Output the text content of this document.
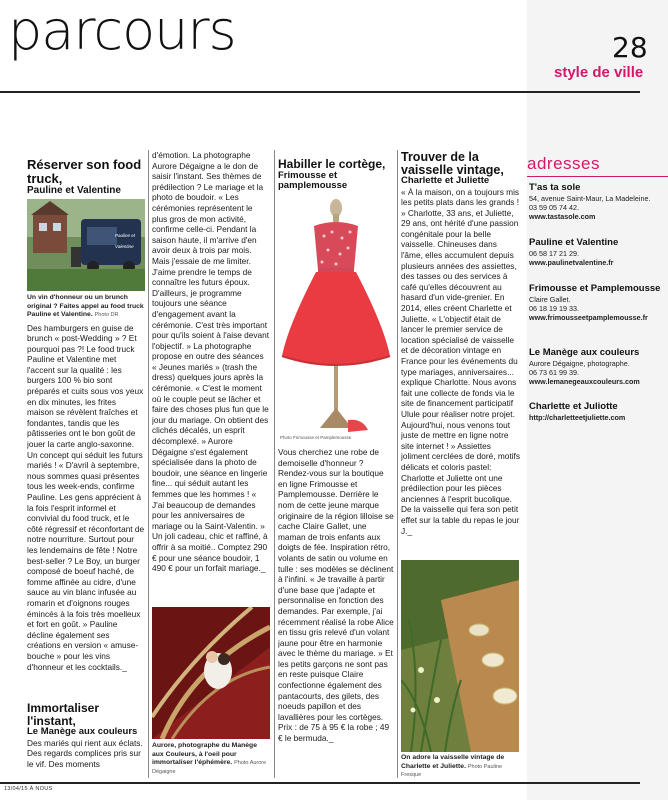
parcours	28
style de ville
Réserver son food truck,
Pauline et Valentine
Pauline et Valentine
Un vin d'honneur ou un brunch original ? Faites appel au food truck Pauline et Valentine. Photo DR

Des hamburgers en guise de brunch « post-Wedding » ? Et pourquoi pas ?! Le food truck Pauline et Valentine met l'accent sur la qualité : les burgers 100 % bio sont préparés et cuits sous vos yeux en dix minutes, les frites maison se révèlent fraîches et fondantes, tandis que les pâtisseries ont le bon goût de jouer la carte anglo-saxonne. Un concept qui séduit les futurs mariés ! « D'avril à septembre, nous sommes quasi présentes tous les week-ends, confirme Pauline. Les gens apprécient à la fois l'esprit informel et convivial du food truck, et le côté régressif et réconfortant de notre nourriture. Surtout pour les lendemains de fête ! Notre best-seller ? Le Boy, un burger composé de boeuf haché, de fomme affinée au cidre, d'une sauce au vin blanc infusée au romarin et d'oignons rouges émincés à la fois très moelleux et fort en goût. » Pauline décline également ses créations en version « amuse-bouche » pour les vins d'honneur et les cocktails._

Immortaliser l'instant,
Le Manège aux couleurs

Des mariés qui rient aux éclats. Des regards complices pris sur le vif. Des moments

d'émotion. La photographe Aurore Dégaigne a le don de saisir l'instant. Ses thèmes de prédilection ? Le mariage et la photo de boudoir. « Les cérémonies représentent le plus gros de mon activité, confirme celle-ci. Pendant la saison haute, il m'arrive d'en avoir deux à trois par mois. Mais j'essaie de me limiter. J'aime prendre le temps de connaître les futurs époux. D'ailleurs, je programme toujours une séance d'engagement avant la cérémonie. C'est très important pour qu'ils soient à l'aise devant l'objectif. » La photographe propose en outre des séances « Jeunes mariés » (trash the dress) quelques jours après la cérémonie. « C'est le moment où le couple peut se lâcher et faire des choses plus fun que le jour du mariage. On obtient des clichés décalés, un esprit décomplexé. » Aurore Dégaigne s'est également spécialisée dans la photo de boudoir, une séance en lingerie fine... qui séduit autant les femmes que les hommes ! « J'ai beaucoup de demandes pour les anniversaires de mariage ou la Saint-Valentin. » Un joli cadeau, chic et raffiné, à offrir à sa moitié.. Comptez 290 € pour une séance boudoir, 1 490 € pour un forfait mariage._

Aurore, photographe du Manège aux Couleurs, à l'oeil pour immortaliser l'éphémère. Photo Aurore Dégaigne
Habiller le cortège,
Frimousse et pamplemousse
Photo Frimousse et Pamplemousse

Vous cherchez une robe de demoiselle d'honneur ? Rendez-vous sur la boutique en ligne Frimousse et Pamplemousse. Derrière le nom de cette jeune marque originaire de la région lilloise se cache Claire Gallet, une maman de trois enfants aux doigts de fée. Inspiration rétro, volants de satin ou volume en tulle : ses modèles se déclinent à l'infini. « Je travaille à partir d'une base que j'adapte et personnalise en fonction des demandes. Par exemple, j'ai récemment réalisé la robe Alice en tissu gris relevé d'un volant jaune pour être en harmonie avec le thème du mariage. » Et les petits garçons ne sont pas en reste puisque Claire confectionne également des pantacourts, des gilets, des noeuds papillon et des lavallières pour les cortèges. Prix : de 75 à 95 € la robe ; 49 € le bermuda._

Trouver de la vaisselle vintage,
Charlette et Juliette

« À la maison, on a toujours mis les petits plats dans les grands ! » Charlotte, 33 ans, et Juliette, 29 ans, ont hérité d'une passion congénitale pour la belle vaisselle. Chineuses dans l'âme, elles accumulent depuis plusieurs années des assiettes, des tasses ou des services à café qu'elles découvrent au hasard d'un vide-grenier. En 2014, elles créent Charlette et Juliette. « L'objectif était de lancer le premier service de location spécialisé de vaisselle et de décoration vintage en France pour les événements du type mariages, anniversaires... explique Charlotte. Nous avons fait une collecte de fonds via le site de financement participatif Ulule pour réaliser notre projet. Aujourd'hui, nous venons tout juste de mettre en ligne notre site internet ! » Assiettes joliment cerclées de doré, motifs délicats et coloris pastel: Charlotte et Juliette ont une prédilection pour les pièces anciennes à l'esprit bucolique. De la vaisselle qui fera son petit effet sur la table du repas le jour J._

On adore la vaisselle vintage de Charlette et Juliette. Photo Pauline Fresque
adresses
T'as ta sole
54, avenue Saint-Maur, La Madeleine.
03 59 05 74 42.
www.tastasole.com
Pauline et Valentine
06 58 17 21 29.
www.paulinetvalentine.fr
Frimousse et Pamplemousse
Claire Gallet.
06 18 19 19 33.
www.frimousseetpamplemousse.fr
Le Manège aux couleurs
Aurore Dégaigne, photographe.
06 73 61 99 39.
www.lemanegeauxcouleurs.com
Charlette et Juliotte
http://charletteetjuliette.com
13/04/15 À NOUS
